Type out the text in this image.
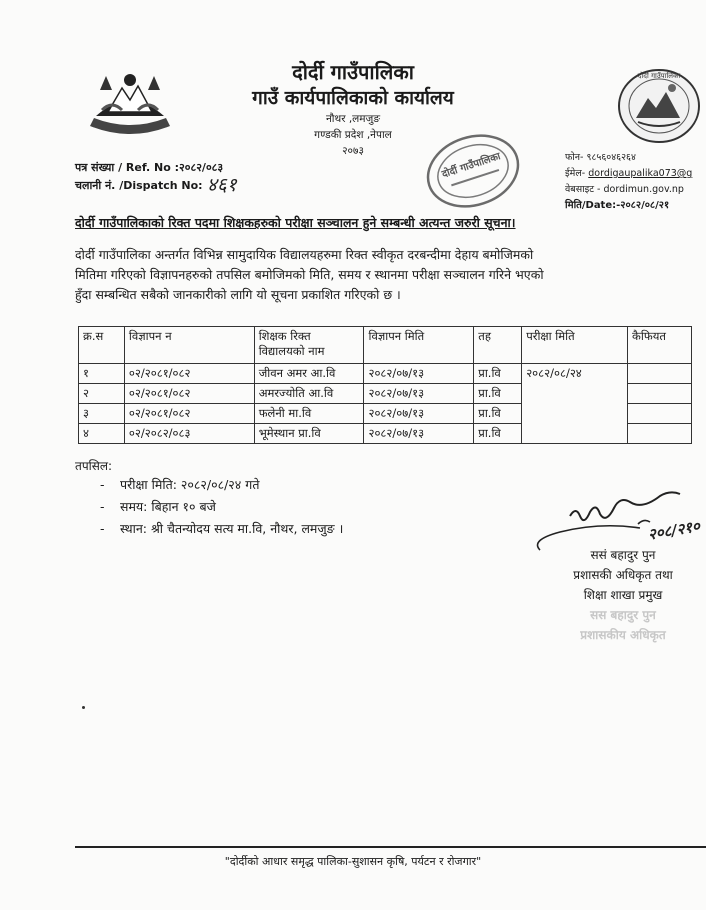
दोर्दी गाउँपालिका
गाउँ कार्यपालिकाको कार्यालय
नौथर ,लमजुङ
गण्डकी प्रदेश ,नेपाल
२०७३
दोर्दी गाउँपालिका
दोर्दी गाउँपालिका
पत्र संख्या / Ref. No :२०८२/०८३
चलानी नं. /Dispatch No: ४६१
फोन- ९८५६०४६२६४
ईमेल- dordigaupalika073@g
वेबसाइट - dordimun.gov.np
मिति/Date:-२०८२/०८/२१
दोर्दी गाउँपालिकाको रिक्त पदमा शिक्षकहरुको परीक्षा सञ्चालन हुने सम्बन्धी अत्यन्त जरुरी सूचना।
दोर्दी गाउँपालिका अन्तर्गत विभिन्न सामुदायिक विद्यालयहरुमा रिक्त स्वीकृत दरबन्दीमा देहाय बमोजिमको
मितिमा गरिएको विज्ञापनहरुको तपसिल बमोजिमको मिति, समय र स्थानमा परीक्षा सञ्चालन गरिने भएको
हुँदा सम्बन्धित सबैको जानकारीको लागि यो सूचना प्रकाशित गरिएको छ ।
क्र.स	विज्ञापन न	शिक्षक रिक्त विद्यालयको नाम	विज्ञापन मिति	तह	परीक्षा मिति	कैफियत
१	०२/२०८१/०८२	जीवन अमर आ.वि	२०८२/०७/१३	प्रा.वि	२०८२/०८/२४	
२	०२/२०८१/०८२	अमरज्योति आ.वि	२०८२/०७/१३	प्रा.वि		
३	०२/२०८१/०८२	फलेनी मा.वि	२०८२/०७/१३	प्रा.वि		
४	०२/२०८२/०८३	भूमेस्थान प्रा.वि	२०८२/०७/१३	प्रा.वि		
तपसिल:
- परीक्षा मिति: २०८२/०८/२४ गते
- समय: बिहान १० बजे
- स्थान: श्री चैतन्योदय सत्य मा.वि, नौथर, लमजुङ ।	२०८/२१०
ससं बहादुर पुन
प्रशासकी अधिकृत तथा
शिक्षा शाखा प्रमुख
सस बहादुर पुन
प्रशासकीय अधिकृत
"दोर्दीको आधार समृद्ध पालिका-सुशासन कृषि, पर्यटन र रोजगार"
